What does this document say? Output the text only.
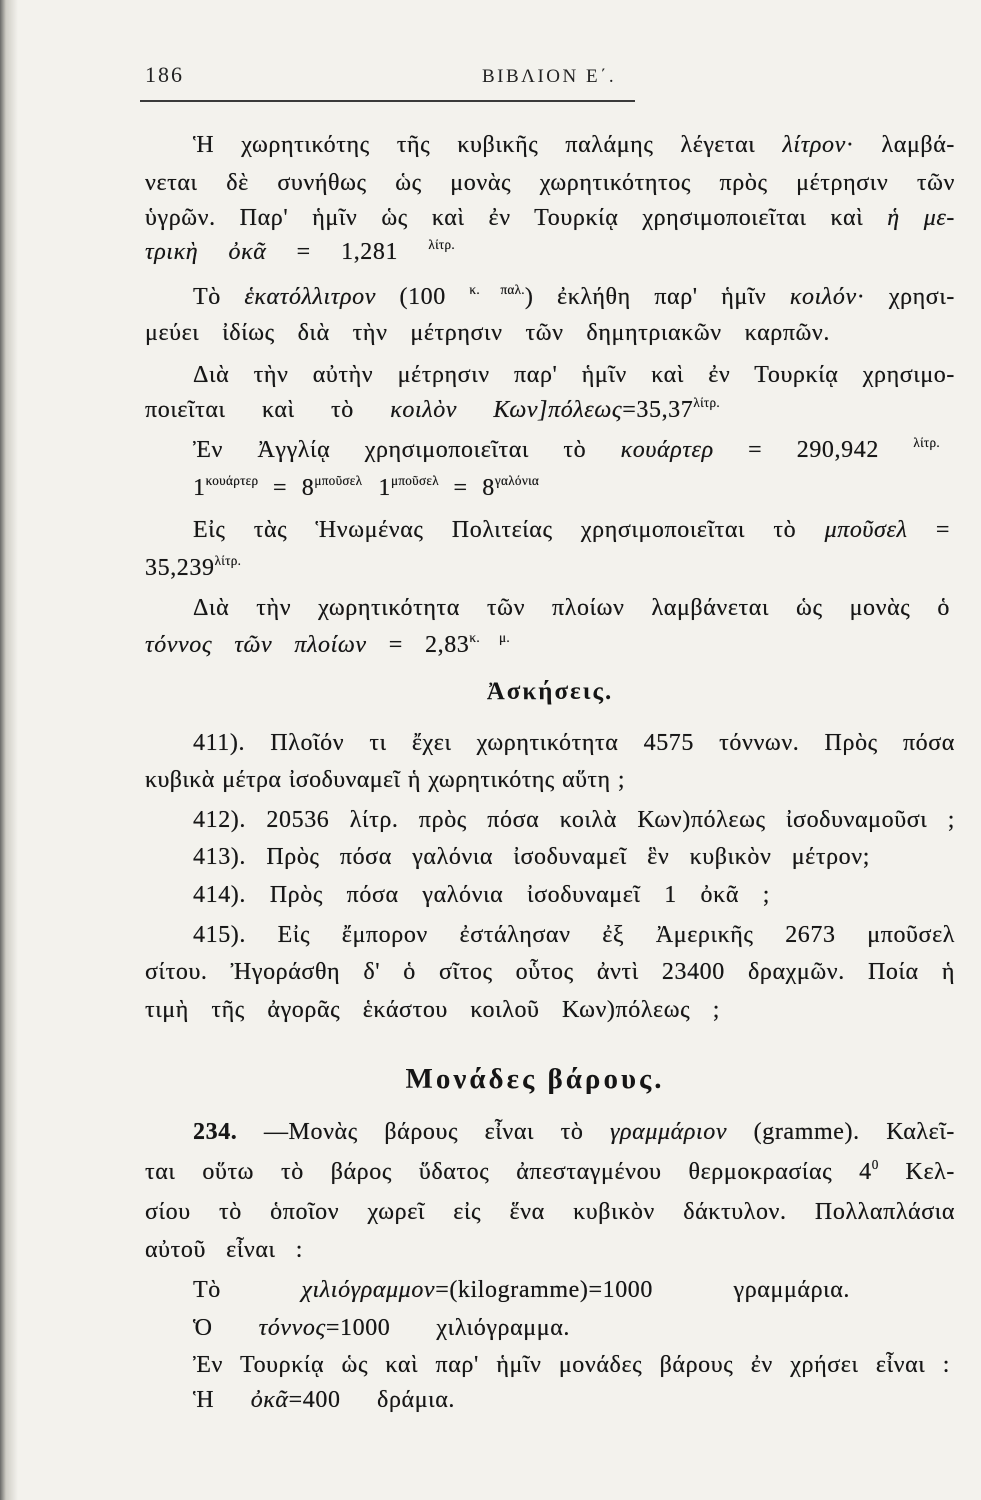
186	ΒΙΒΛΙΟΝ Ε΄.
Ἡ χωρητικότης τῆς κυβικῆς παλάμης λέγεται λίτρον· λαμβά-
νεται δὲ συνήθως ὡς μονὰς χωρητικότητος πρὸς μέτρησιν τῶν
ὑγρῶν. Παρ' ἡμῖν ὡς καὶ ἐν Τουρκίᾳ χρησιμοποιεῖται καὶ ἡ με-
τρικὴ ὀκᾶ = 1,281 $^{\lambda ί\tau\rho.}$
Τὸ ἑκατόλλιτρον (100 $^{\kappa. \pi\alpha\lambda.}$) ἐκλήθη παρ' ἡμῖν κοιλόν· χρησι-
μεύει ἰδίως διὰ τὴν μέτρησιν τῶν δημητριακῶν καρπῶν.
Διὰ τὴν αὐτὴν μέτρησιν παρ' ἡμῖν καὶ ἐν Τουρκίᾳ χρησιμο-
ποιεῖται καὶ τὸ κοιλὸν $K\omega\nu]\pi ό\lambda\varepsilon\omega\varsigma=35,37^{\lambda ί\tau\rho.}$
Ἐν Ἀγγλίᾳ χρησιμοποιεῖται τὸ κουάρτερ = 290,942 $^{\lambda ί\tau\rho.}$
$1^{\kappa o\upsilon ά\rho\tau\varepsilon\rho} = 8^{\mu\pi oῦ\sigma\varepsilon\lambda}$ $1^{\mu\pi oῦ\sigma\varepsilon\lambda} = 8^{\gamma\alpha\lambda ό\nu\iota\alpha}$
Εἰς τὰς Ἡνωμένας Πολιτείας χρησιμοποιεῖται τὸ μποῦσελ =
$35,239^{\lambda ί\tau\rho.}$
Διὰ τὴν χωρητικότητα τῶν πλοίων λαμβάνεται ὡς μονὰς ὁ
τόννος τῶν $\pi\lambda oί\omega\nu = 2,83^{\kappa. \mu.}$
Ἀσκήσεις.
411). Πλοῖόν τι ἔχει χωρητικότητα 4575 τόννων. Πρὸς πόσα
κυβικὰ μέτρα ἰσοδυναμεῖ ἡ χωρητικότης αὕτη ;
412). 20536 λίτρ. πρὸς πόσα κοιλὰ Κων)πόλεως ἰσοδυναμοῦσι ;
413). Πρὸς πόσα γαλόνια ἰσοδυναμεῖ ἓν κυβικὸν μέτρον;
414). Πρὸς πόσα γαλόνια ἰσοδυναμεῖ 1 ὀκᾶ ;
415). Εἰς ἔμπορον ἐστάλησαν ἐξ Ἀμερικῆς 2673 μποῦσελ
σίτου. Ἠγοράσθη δ' ὁ σῖτος οὗτος ἀντὶ 23400 δραχμῶν. Ποία ἡ
τιμὴ τῆς ἀγορᾶς ἑκάστου κοιλοῦ Κων)πόλεως ;
Μονάδες βάρους.
234. —Μονὰς βάρους εἶναι τὸ γραμμάριον (gramme). Καλεῖ-
ται οὕτω τὸ βάρος ὕδατος ἀπεσταγμένου θερμοκρασίας $4^0$ Κελ-
σίου τὸ ὁποῖον χωρεῖ εἰς ἕνα κυβικὸν δάκτυλον. Πολλαπλάσια
αὐτοῦ εἶναι :
Τὸ χιλιόγραμμον=(kilogramme)=1000 γραμμάρια.
Ὁ τόννος=1000 χιλιόγραμμα.
Ἐν Τουρκίᾳ ὡς καὶ παρ' ἡμῖν μονάδες βάρους ἐν χρήσει εἶναι :
Ἡ ὀκᾶ=400 δράμια.
